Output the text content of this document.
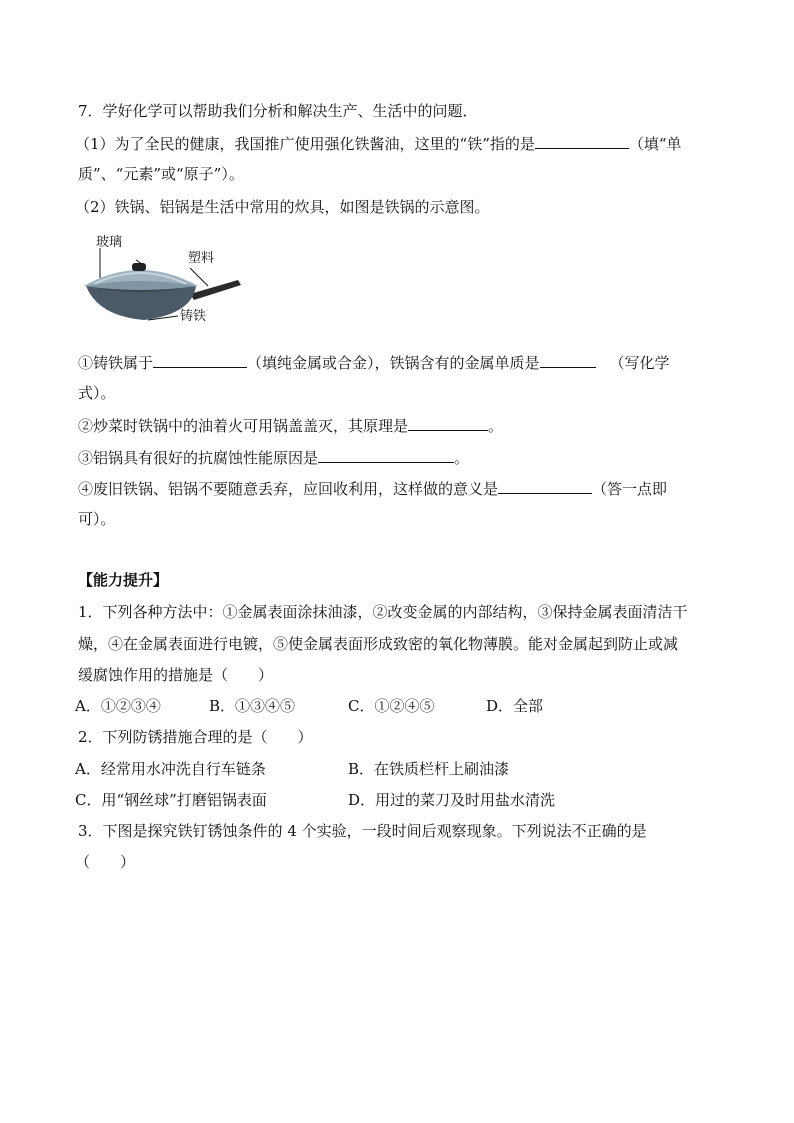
7．学好化学可以帮助我们分析和解决生产、生活中的问题．
（1）为了全民的健康，我国推广使用强化铁酱油，这里的“铁”指的是	（填“单
质”、“元素”或“原子”）。
（2）铁锅、铝锅是生活中常用的炊具，如图是铁锅的示意图。
玻璃
塑料
铸铁
①铸铁属于	（填纯金属或合金），铁锅含有的金属单质是	（写化学
式）。
②炒菜时铁锅中的油着火可用锅盖盖灭，其原理是	。
③铝锅具有很好的抗腐蚀性能原因是	。
④废旧铁锅、铝锅不要随意丢弃，应回收利用，这样做的意义是	（答一点即
可）。
【能力提升】
1．下列各种方法中：①金属表面涂抹油漆，②改变金属的内部结构，③保持金属表面清洁干
燥，④在金属表面进行电镀，⑤使金属表面形成致密的氧化物薄膜。能对金属起到防止或减
缓腐蚀作用的措施是（　　）
A．①②③④	B．①③④⑤	C．①②④⑤	D．全部
2．下列防锈措施合理的是（　　）
A．经常用水冲洗自行车链条	B．在铁质栏杆上刷油漆
C．用“钢丝球”打磨铝锅表面	D．用过的菜刀及时用盐水清洗
3．下图是探究铁钉锈蚀条件的 4 个实验，一段时间后观察现象。下列说法不正确的是
（　　）
